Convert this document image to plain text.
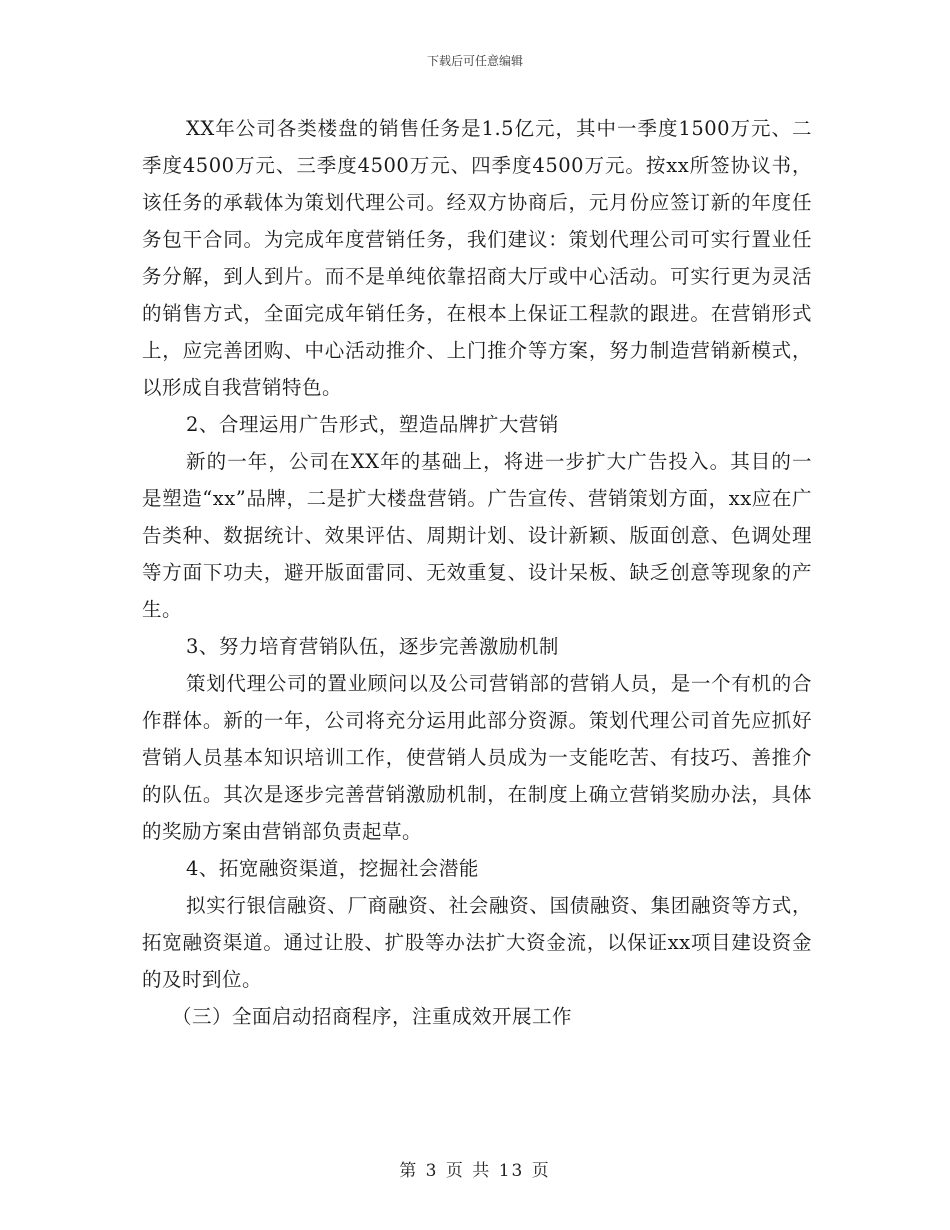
下载后可任意编辑

XX年公司各类楼盘的销售任务是1.5亿元，其中一季度1500万元、二季度4500万元、三季度4500万元、四季度4500万元。按xx所签协议书，该任务的承载体为策划代理公司。经双方协商后，元月份应签订新的年度任务包干合同。为完成年度营销任务，我们建议：策划代理公司可实行置业任务分解，到人到片。而不是单纯依靠招商大厅或中心活动。可实行更为灵活的销售方式，全面完成年销任务，在根本上保证工程款的跟进。在营销形式上，应完善团购、中心活动推介、上门推介等方案，努力制造营销新模式，以形成自我营销特色。

2、合理运用广告形式，塑造品牌扩大营销

新的一年，公司在XX年的基础上，将进一步扩大广告投入。其目的一是塑造“xx”品牌，二是扩大楼盘营销。广告宣传、营销策划方面，xx应在广告类种、数据统计、效果评估、周期计划、设计新颖、版面创意、色调处理等方面下功夫，避开版面雷同、无效重复、设计呆板、缺乏创意等现象的产生。

3、努力培育营销队伍，逐步完善激励机制

策划代理公司的置业顾问以及公司营销部的营销人员，是一个有机的合作群体。新的一年，公司将充分运用此部分资源。策划代理公司首先应抓好营销人员基本知识培训工作，使营销人员成为一支能吃苦、有技巧、善推介的队伍。其次是逐步完善营销激励机制，在制度上确立营销奖励办法，具体的奖励方案由营销部负责起草。

4、拓宽融资渠道，挖掘社会潜能

拟实行银信融资、厂商融资、社会融资、国债融资、集团融资等方式，拓宽融资渠道。通过让股、扩股等办法扩大资金流，以保证xx项目建设资金的及时到位。

（三）全面启动招商程序，注重成效开展工作

第 3 页 共 13 页
